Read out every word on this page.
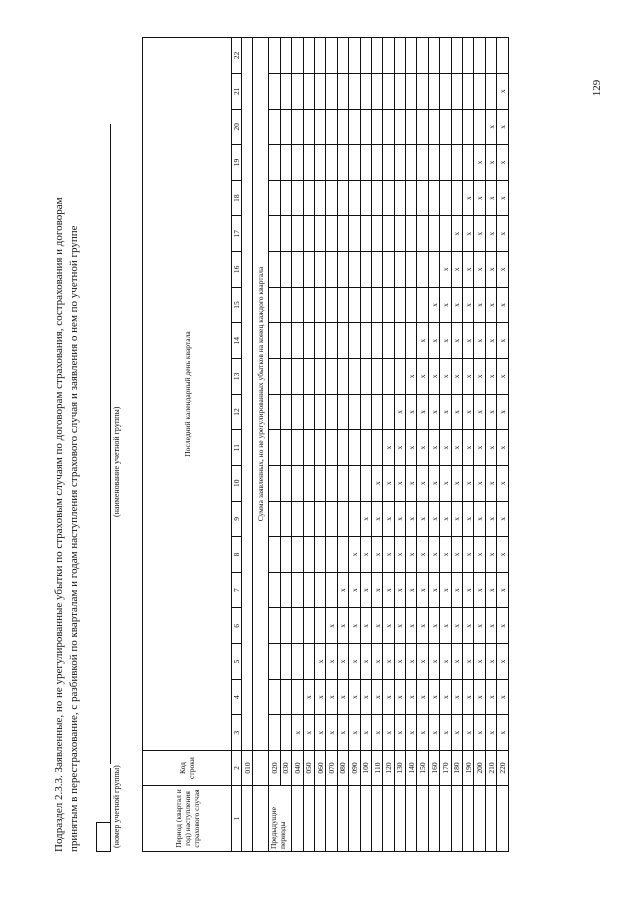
129
Подраздел 2.3.3. Заявленные, но не урегулированные убытки по страховым случаям по договорам страхования, сострахования и договорам принятым в перестрахование, с разбивкой по кварталам и годам наступления страхового случая и заявления о нем по учетной группе	(номер учетной группы)
(наименование учетной группы)
Период (квартал и год) наступления страхового случая	Код строки	Последний календарный день квартала																			
1	2	3	4	5	6	7	8	9	10	11	12	13	14	15	16	17	18	19	20	21	22
	010																				
		Сумма заявленных, но не урегулированных убытков на конец каждого квартала																			
Предыдущие периоды	020																				
	030																				
	040	x																			
	050	x	x																		
	060	x	x	x																	
	070	x	x	x	x																
	080	x	x	x	x	x															
	090	x	x	x	x	x	x														
	100	x	x	x	x	x	x	x													
	110	x	x	x	x	x	x	x	x												
	120	x	x	x	x	x	x	x	x	x											
	130	x	x	x	x	x	x	x	x	x	x										
	140	x	x	x	x	x	x	x	x	x	x	x									
	150	x	x	x	x	x	x	x	x	x	x	x	x								
	160	x	x	x	x	x	x	x	x	x	x	x	x	x							
	170	x	x	x	x	x	x	x	x	x	x	x	x	x	x						
	180	x	x	x	x	x	x	x	x	x	x	x	x	x	x	x					
	190	x	x	x	x	x	x	x	x	x	x	x	x	x	x	x	x				
	200	x	x	x	x	x	x	x	x	x	x	x	x	x	x	x	x	x			
	210	x	x	x	x	x	x	x	x	x	x	x	x	x	x	x	x	x	x		
	220	x	x	x	x	x	x	x	x	x	x	x	x	x	x	x	x	x	x	x	
